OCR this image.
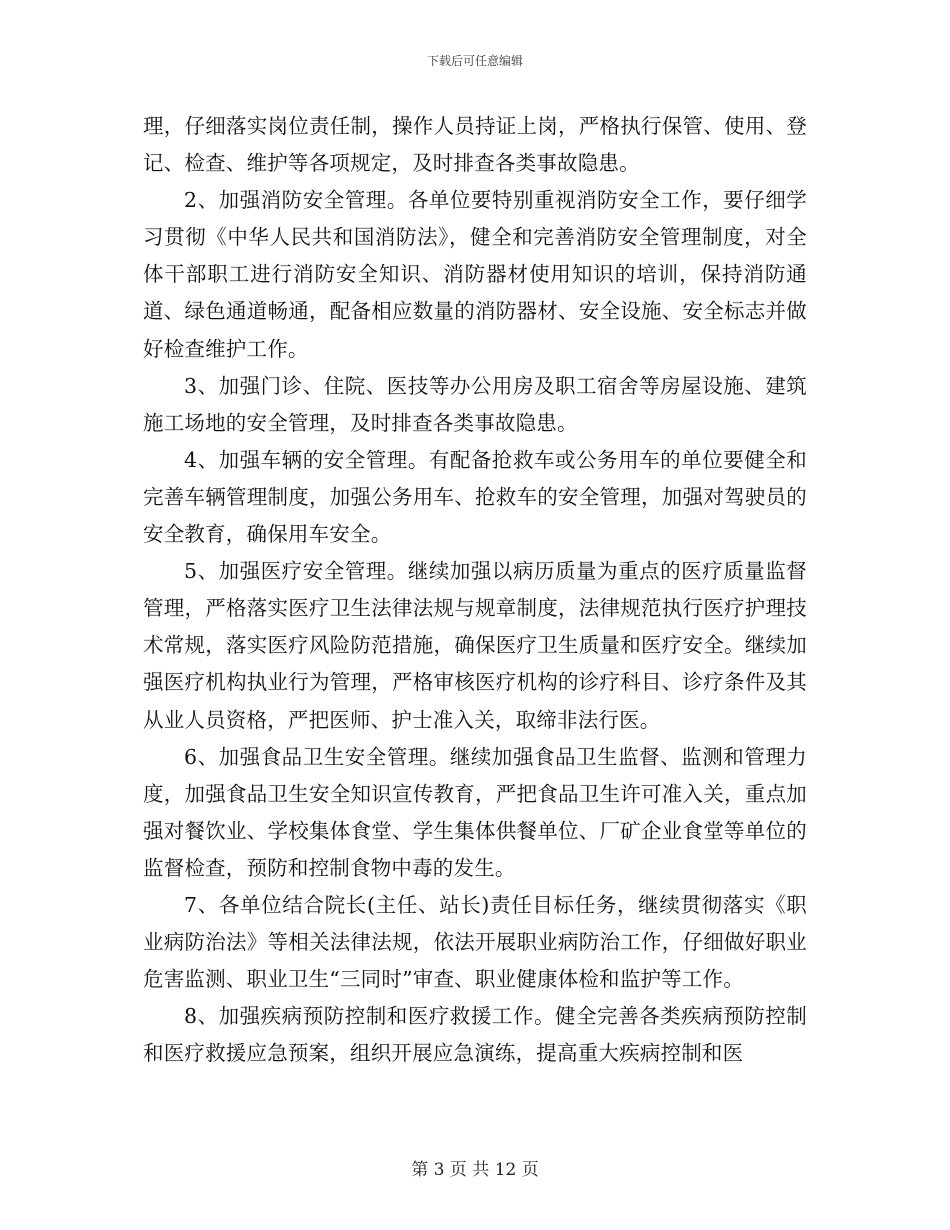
下载后可任意编辑

理，仔细落实岗位责任制，操作人员持证上岗，严格执行保管、使用、登记、检查、维护等各项规定，及时排查各类事故隐患。

2、加强消防安全管理。各单位要特别重视消防安全工作，要仔细学习贯彻《中华人民共和国消防法》，健全和完善消防安全管理制度，对全体干部职工进行消防安全知识、消防器材使用知识的培训，保持消防通道、绿色通道畅通，配备相应数量的消防器材、安全设施、安全标志并做好检查维护工作。

3、加强门诊、住院、医技等办公用房及职工宿舍等房屋设施、建筑施工场地的安全管理，及时排查各类事故隐患。

4、加强车辆的安全管理。有配备抢救车或公务用车的单位要健全和完善车辆管理制度，加强公务用车、抢救车的安全管理，加强对驾驶员的安全教育，确保用车安全。

5、加强医疗安全管理。继续加强以病历质量为重点的医疗质量监督管理，严格落实医疗卫生法律法规与规章制度，法律规范执行医疗护理技术常规，落实医疗风险防范措施，确保医疗卫生质量和医疗安全。继续加强医疗机构执业行为管理，严格审核医疗机构的诊疗科目、诊疗条件及其从业人员资格，严把医师、护士准入关，取缔非法行医。

6、加强食品卫生安全管理。继续加强食品卫生监督、监测和管理力度，加强食品卫生安全知识宣传教育，严把食品卫生许可准入关，重点加强对餐饮业、学校集体食堂、学生集体供餐单位、厂矿企业食堂等单位的监督检查，预防和控制食物中毒的发生。

7、各单位结合院长(主任、站长)责任目标任务，继续贯彻落实《职业病防治法》等相关法律法规，依法开展职业病防治工作，仔细做好职业危害监测、职业卫生“三同时”审查、职业健康体检和监护等工作。

8、加强疾病预防控制和医疗救援工作。健全完善各类疾病预防控制和医疗救援应急预案，组织开展应急演练，提高重大疾病控制和医

第 3 页 共 12 页
